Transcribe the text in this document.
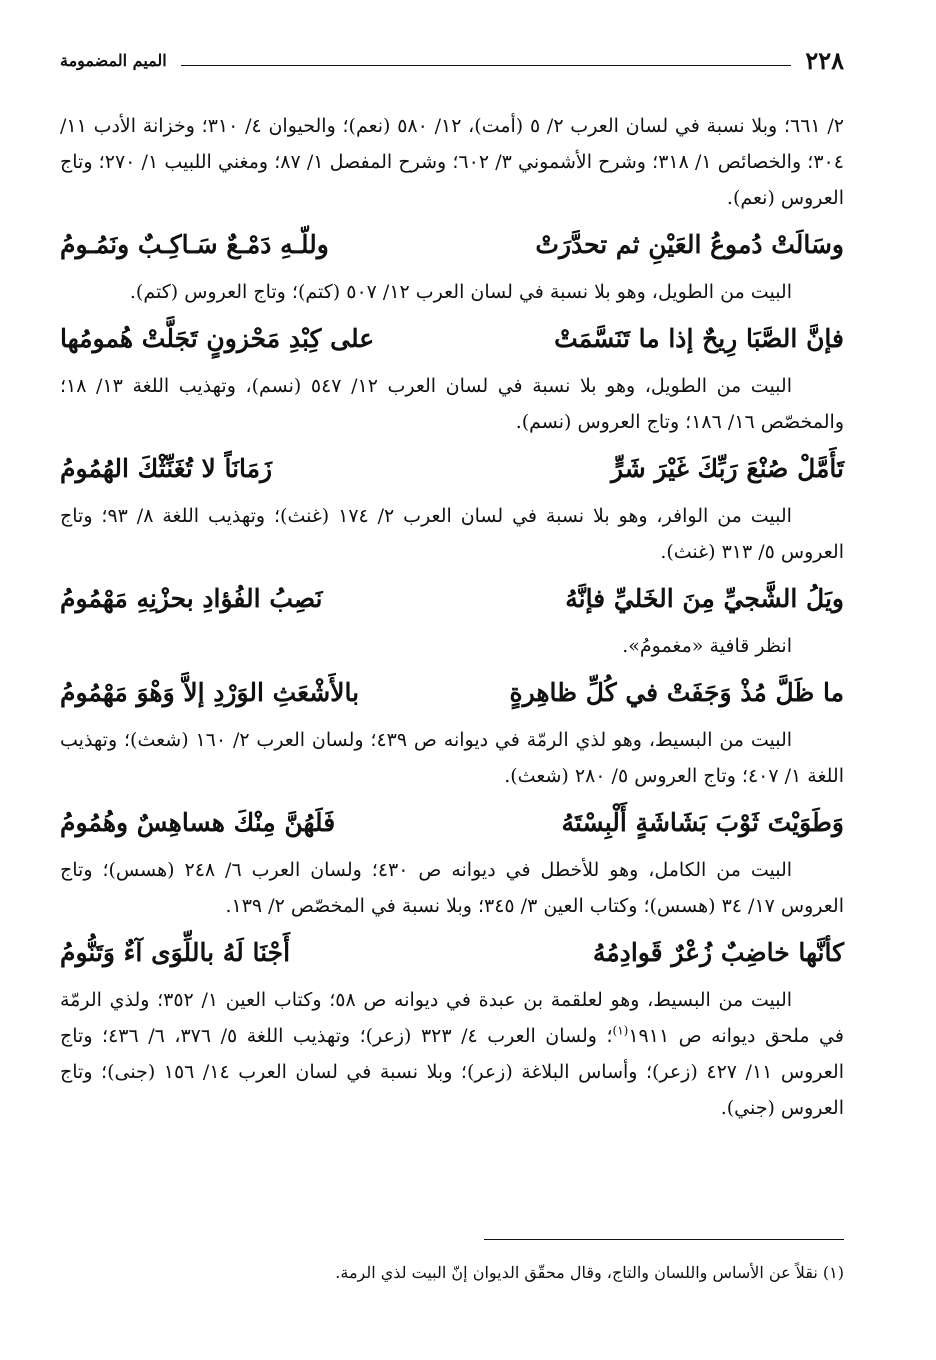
٢٢٨
الميم المضمومة

٢/ ٦٦١؛ وبلا نسبة في لسان العرب ٢/ ٥ (أمت)، ١٢/ ٥٨٠ (نعم)؛ والحيوان ٤/ ٣١٠؛ وخزانة الأدب ١١/ ٣٠٤؛ والخصائص ١/ ٣١٨؛ وشرح الأشموني ٣/ ٦٠٢؛ وشرح المفصل ١/ ٨٧؛ ومغني اللبيب ١/ ٢٧٠؛ وتاج العروس (نعم).

وسَالَتْ دُموعُ العَيْنِ ثم تحدَّرَتْ
وللّـهِ دَمْـعٌ سَـاكِـبٌ ونَمُـومُ

البيت من الطويل، وهو بلا نسبة في لسان العرب ١٢/ ٥٠٧ (كتم)؛ وتاج العروس (كتم).

فإنَّ الصَّبَا رِيحٌ إذا ما تَنَسَّمَتْ
على كِبْدِ مَحْزونٍ تَجَلَّتْ هُمومُها

البيت من الطويل، وهو بلا نسبة في لسان العرب ١٢/ ٥٤٧ (نسم)، وتهذيب اللغة ١٣/ ١٨؛ والمخصّص ١٦/ ١٨٦؛ وتاج العروس (نسم).

تَأَمَّلْ صُنْعَ رَبِّكَ غَيْرَ شَرٍّ
زَمَانَاً لا تُغَنِّثْكَ الهُمُومُ

البيت من الوافر، وهو بلا نسبة في لسان العرب ٢/ ١٧٤ (غنث)؛ وتهذيب اللغة ٨/ ٩٣؛ وتاج العروس ٥/ ٣١٣ (غنث).

ويَلُ الشَّجيِّ مِنَ الخَليِّ فإنَّهُ
نَصِبُ الفُؤادِ بحزْنِهِ مَهْمُومُ

انظر قافية «مغمومُ».

ما ظَلَّ مُذْ وَجَفَتْ في كُلِّ ظاهِرةٍ
بالأَشْعَثِ الوَرْدِ إلاَّ وَهْوَ مَهْمُومُ

البيت من البسيط، وهو لذي الرمّة في ديوانه ص ٤٣٩؛ ولسان العرب ٢/ ١٦٠ (شعث)؛ وتهذيب اللغة ١/ ٤٠٧؛ وتاج العروس ٥/ ٢٨٠ (شعث).

وَطَوَيْتَ ثَوْبَ بَشَاشَةٍ أَلْبِسْتَهُ
فَلَهُنَّ مِنْكَ هساهِسٌ وهُمُومُ

البيت من الكامل، وهو للأخطل في ديوانه ص ٤٣٠؛ ولسان العرب ٦/ ٢٤٨ (هسس)؛ وتاج العروس ١٧/ ٣٤ (هسس)؛ وكتاب العين ٣/ ٣٤٥؛ وبلا نسبة في المخصّص ٢/ ١٣٩.

كأنَّها خاضِبٌ زُعْرٌ قَوادِمُهُ
أَجْنَا لَهُ باللِّوَى آءٌ وَتَنُّومُ

البيت من البسيط، وهو لعلقمة بن عبدة في ديوانه ص ٥٨؛ وكتاب العين ١/ ٣٥٢؛ ولذي الرمّة في ملحق ديوانه ص ١٩١١$^{(١)}$؛ ولسان العرب ٤/ ٣٢٣ (زعر)؛ وتهذيب اللغة ٥/ ٣٧٦، ٦/ ٤٣٦؛ وتاج العروس ١١/ ٤٢٧ (زعر)؛ وأساس البلاغة (زعر)؛ وبلا نسبة في لسان العرب ١٤/ ١٥٦ (جنى)؛ وتاج العروس (جني).

(١) نقلاً عن الأساس واللسان والتاج، وقال محقّق الديوان إنّ البيت لذي الرمة.
